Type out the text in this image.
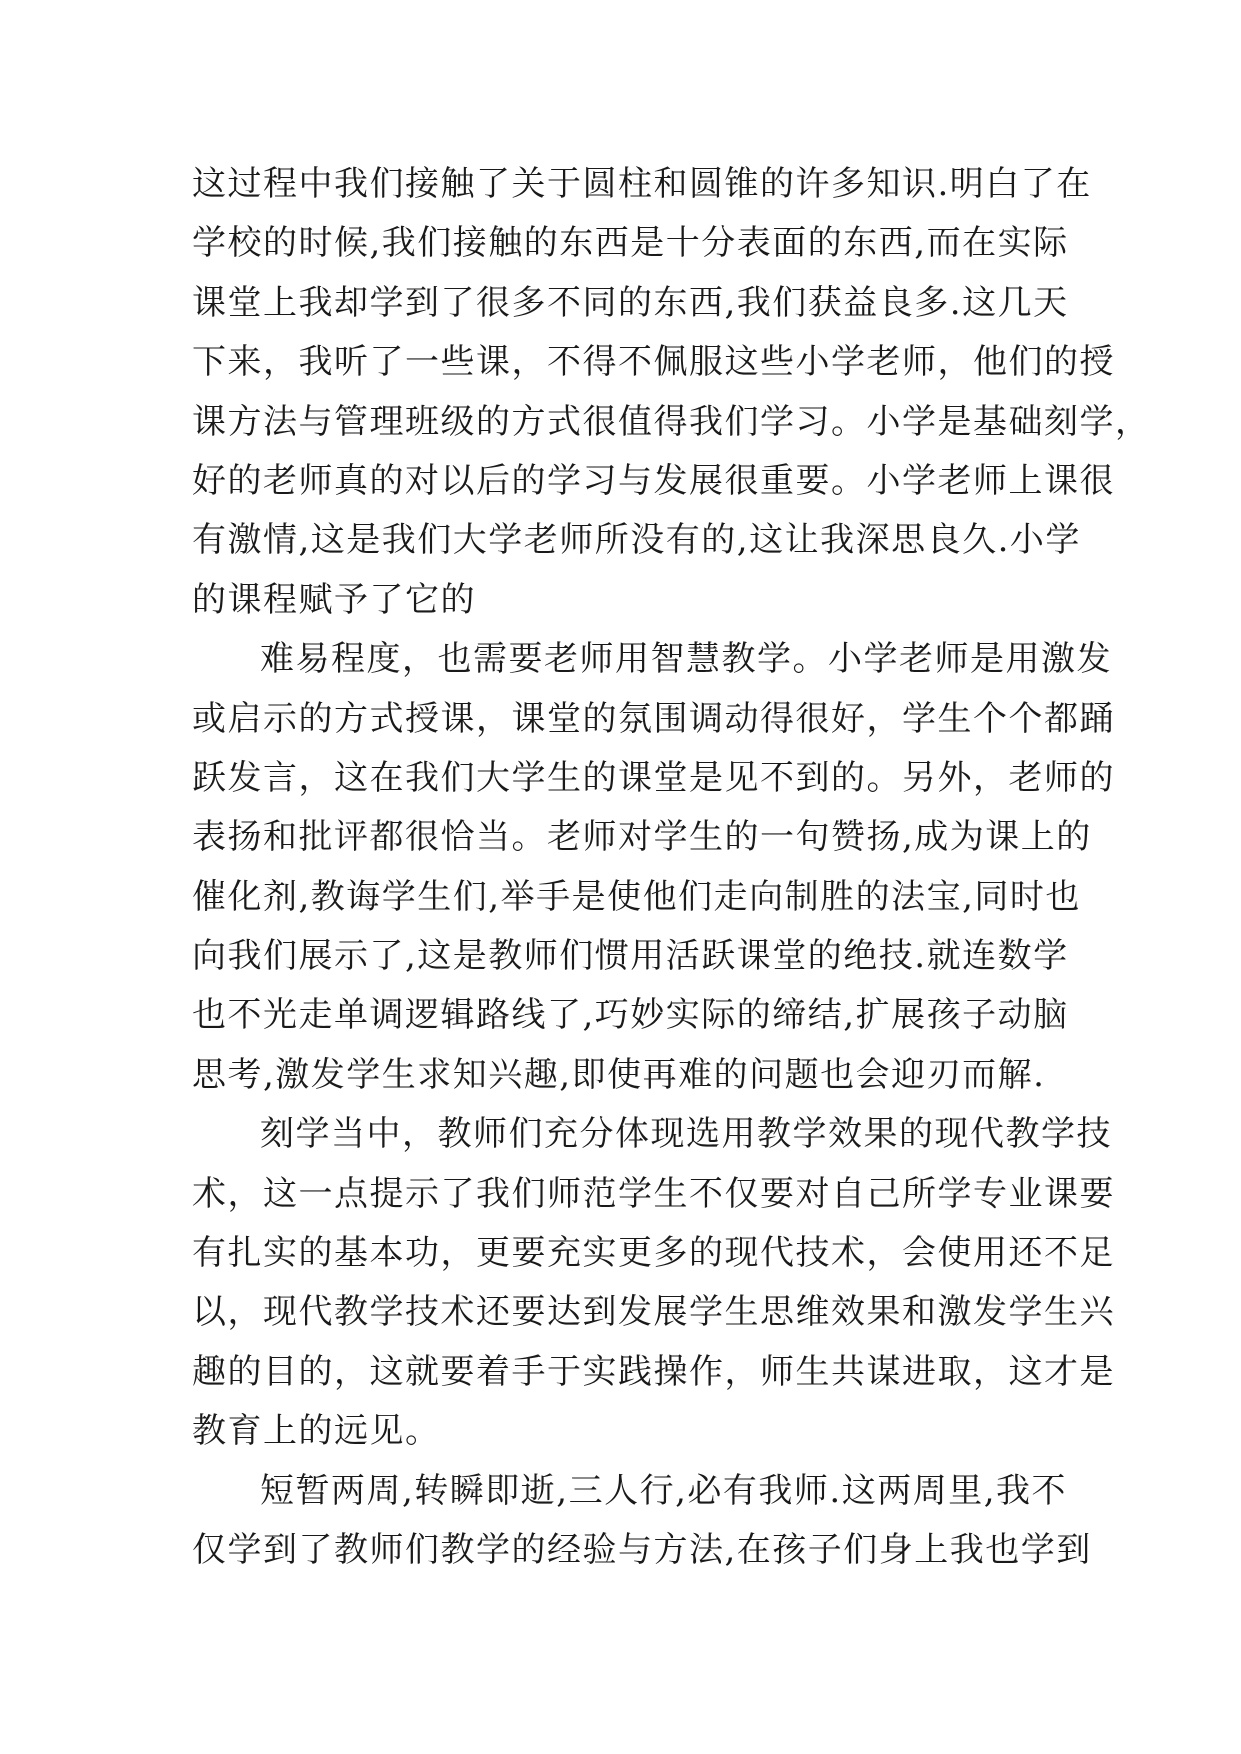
这过程中我们接触了关于圆柱和圆锥的许多知识.明白了在
学校的时候,我们接触的东西是十分表面的东西,而在实际
课堂上我却学到了很多不同的东西,我们获益良多.这几天
下来，我听了一些课，不得不佩服这些小学老师，他们的授
课方法与管理班级的方式很值得我们学习。小学是基础刻学，
好的老师真的对以后的学习与发展很重要。小学老师上课很
有激情,这是我们大学老师所没有的,这让我深思良久.小学
的课程赋予了它的
难易程度，也需要老师用智慧教学。小学老师是用激发
或启示的方式授课，课堂的氛围调动得很好，学生个个都踊
跃发言，这在我们大学生的课堂是见不到的。另外，老师的
表扬和批评都很恰当。老师对学生的一句赞扬,成为课上的
催化剂,教诲学生们,举手是使他们走向制胜的法宝,同时也
向我们展示了,这是教师们惯用活跃课堂的绝技.就连数学
也不光走单调逻辑路线了,巧妙实际的缔结,扩展孩子动脑
思考,激发学生求知兴趣,即使再难的问题也会迎刃而解.
刻学当中，教师们充分体现选用教学效果的现代教学技
术，这一点提示了我们师范学生不仅要对自己所学专业课要
有扎实的基本功，更要充实更多的现代技术，会使用还不足
以，现代教学技术还要达到发展学生思维效果和激发学生兴
趣的目的，这就要着手于实践操作，师生共谋进取，这才是
教育上的远见。
短暂两周,转瞬即逝,三人行,必有我师.这两周里,我不
仅学到了教师们教学的经验与方法,在孩子们身上我也学到
